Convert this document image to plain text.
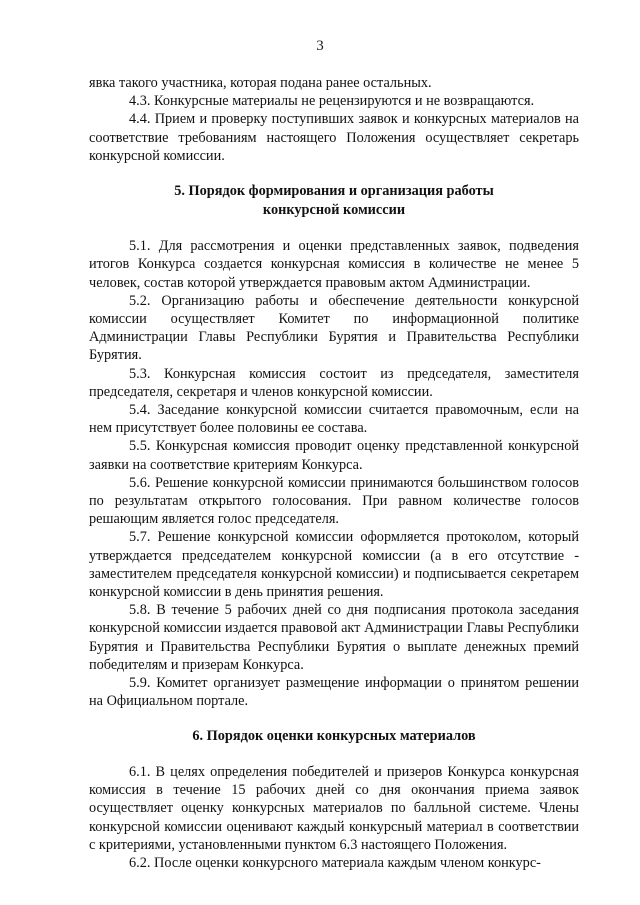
3

явка такого участника, которая подана ранее остальных.

4.3. Конкурсные материалы не рецензируются и не возвращаются.

4.4. Прием и проверку поступивших заявок и конкурсных материалов на соответствие требованиям настоящего Положения осуществляет секретарь конкурсной комиссии.

5. Порядок формирования и организация работы
конкурсной комиссии

5.1. Для рассмотрения и оценки представленных заявок, подведения итогов Конкурса создается конкурсная комиссия в количестве не менее 5 человек, состав которой утверждается правовым актом Администрации.

5.2. Организацию работы и обеспечение деятельности конкурсной комиссии осуществляет Комитет по информационной политике Администрации Главы Республики Бурятия и Правительства Республики Бурятия.

5.3. Конкурсная комиссия состоит из председателя, заместителя председателя, секретаря и членов конкурсной комиссии.

5.4. Заседание конкурсной комиссии считается правомочным, если на нем присутствует более половины ее состава.

5.5. Конкурсная комиссия проводит оценку представленной конкурсной заявки на соответствие критериям Конкурса.

5.6. Решение конкурсной комиссии принимаются большинством голосов по результатам открытого голосования. При равном количестве голосов решающим является голос председателя.

5.7. Решение конкурсной комиссии оформляется протоколом, который утверждается председателем конкурсной комиссии (а в его отсутствие - заместителем председателя конкурсной комиссии) и подписывается секретарем конкурсной комиссии в день принятия решения.

5.8. В течение 5 рабочих дней со дня подписания протокола заседания конкурсной комиссии издается правовой акт Администрации Главы Республики Бурятия и Правительства Республики Бурятия о выплате денежных премий победителям и призерам Конкурса.

5.9. Комитет организует размещение информации о принятом решении на Официальном портале.

6. Порядок оценки конкурсных материалов

6.1. В целях определения победителей и призеров Конкурса конкурсная комиссия в течение 15 рабочих дней со дня окончания приема заявок осуществляет оценку конкурсных материалов по балльной системе. Члены конкурсной комиссии оценивают каждый конкурсный материал в соответствии с критериями, установленными пунктом 6.3 настоящего Положения.

6.2. После оценки конкурсного материала каждым членом конкурс-
